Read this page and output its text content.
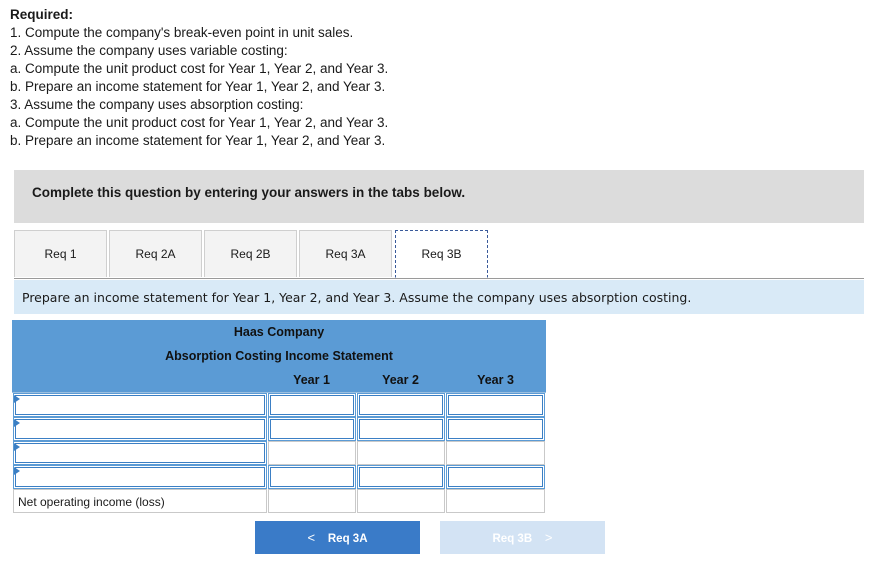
Required:
1. Compute the company's break-even point in unit sales.
2. Assume the company uses variable costing:
a. Compute the unit product cost for Year 1, Year 2, and Year 3.
b. Prepare an income statement for Year 1, Year 2, and Year 3.
3. Assume the company uses absorption costing:
a. Compute the unit product cost for Year 1, Year 2, and Year 3.
b. Prepare an income statement for Year 1, Year 2, and Year 3.
Complete this question by entering your answers in the tabs below.
Req 1	Req 2A	Req 2B	Req 3A	Req 3B
Prepare an income statement for Year 1, Year 2, and Year 3. Assume the company uses absorption costing.
Haas Company
Absorption Costing Income Statement
Year 1	Year 2	Year 3
Net operating income (loss)
< Req 3A	Req 3B >
